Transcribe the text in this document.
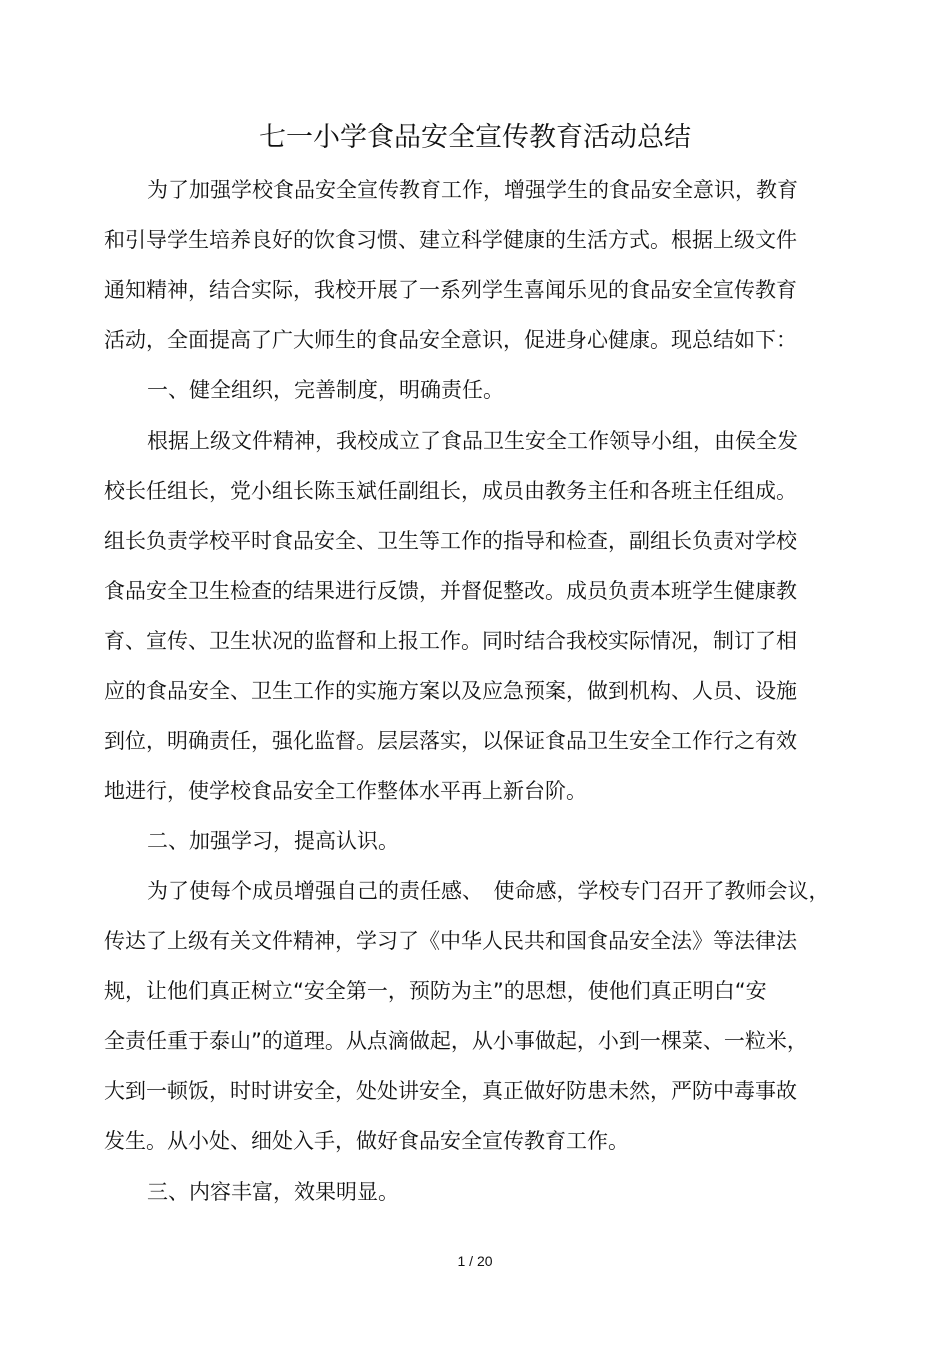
七一小学食品安全宣传教育活动总结
为了加强学校食品安全宣传教育工作，增强学生的食品安全意识，教育
和引导学生培养良好的饮食习惯、建立科学健康的生活方式。根据上级文件
通知精神，结合实际，我校开展了一系列学生喜闻乐见的食品安全宣传教育
活动，全面提高了广大师生的食品安全意识，促进身心健康。现总结如下：
一、健全组织，完善制度，明确责任。
根据上级文件精神，我校成立了食品卫生安全工作领导小组，由侯全发
校长任组长，党小组长陈玉斌任副组长，成员由教务主任和各班主任组成。
组长负责学校平时食品安全、卫生等工作的指导和检查，副组长负责对学校
食品安全卫生检查的结果进行反馈，并督促整改。成员负责本班学生健康教
育、宣传、卫生状况的监督和上报工作。同时结合我校实际情况，制订了相
应的食品安全、卫生工作的实施方案以及应急预案，做到机构、人员、设施
到位，明确责任，强化监督。层层落实，以保证食品卫生安全工作行之有效
地进行，使学校食品安全工作整体水平再上新台阶。
二、加强学习，提高认识。
为了使每个成员增强自己的责任感、　使命感，学校专门召开了教师会议，
传达了上级有关文件精神，学习了《中华人民共和国食品安全法》等法律法
规，让他们真正树立“安全第一，预防为主”的思想，使他们真正明白“安
全责任重于泰山”的道理。从点滴做起，从小事做起，小到一棵菜、一粒米，
大到一顿饭，时时讲安全，处处讲安全，真正做好防患未然，严防中毒事故
发生。从小处、细处入手，做好食品安全宣传教育工作。
三、内容丰富，效果明显。
1 / 20
